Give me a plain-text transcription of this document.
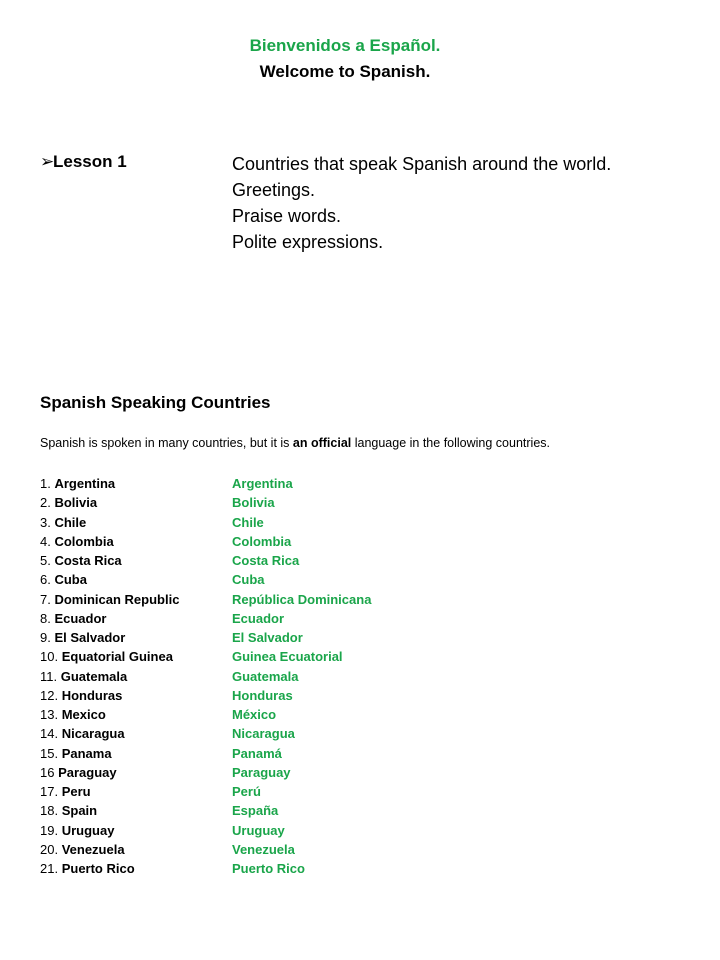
Bienvenidos a Español.
Welcome to Spanish.
➢
Lesson 1	Countries that speak Spanish around the world.
Greetings.
Praise words.
Polite expressions.
Spanish Speaking Countries
Spanish is spoken in many countries, but it is an official language in the following countries.
1. Argentina	Argentina
2. Bolivia	Bolivia
3. Chile	Chile
4. Colombia	Colombia
5. Costa Rica	Costa Rica
6. Cuba	Cuba
7. Dominican Republic	República Dominicana
8. Ecuador	Ecuador
9. El Salvador	El Salvador
10. Equatorial Guinea	Guinea Ecuatorial
11. Guatemala	Guatemala
12. Honduras	Honduras
13. Mexico	México
14. Nicaragua	Nicaragua
15. Panama	Panamá
16 Paraguay	Paraguay
17. Peru	Perú
18. Spain	España
19. Uruguay	Uruguay
20. Venezuela	Venezuela
21. Puerto Rico	Puerto Rico
